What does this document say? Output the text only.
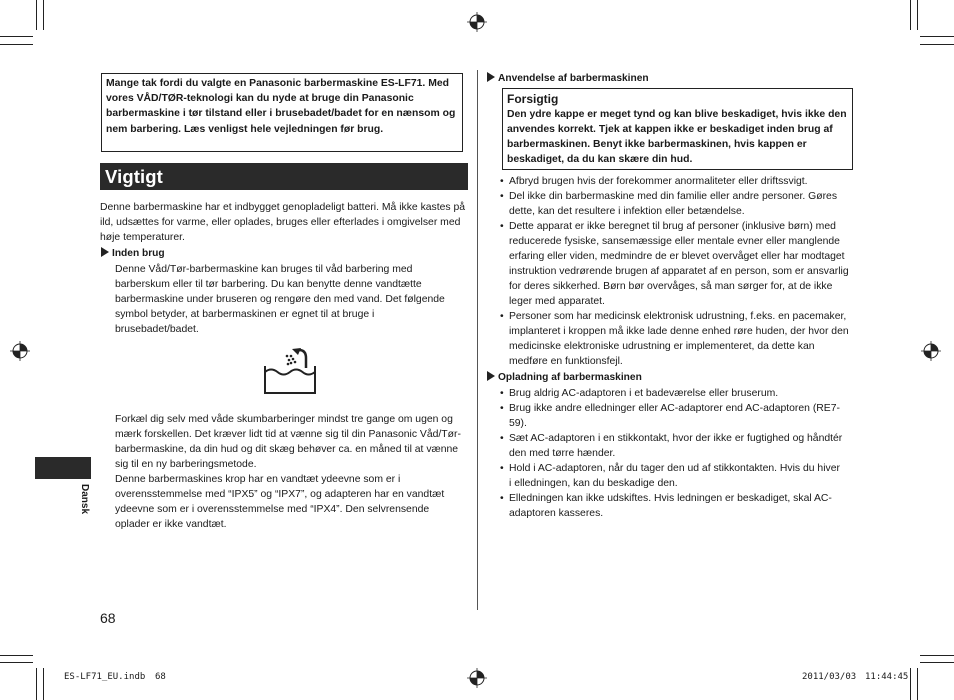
Mange tak fordi du valgte en Panasonic barbermaskine ES-LF71. Med vores VÅD/TØR-teknologi kan du nyde at bruge din Panasonic barbermaskine i tør tilstand eller i brusebadet/badet for en nænsom og nem barbering. Læs venligst hele vejledningen før brug.
Vigtigt
Denne barbermaskine har et indbygget genopladeligt batteri. Må ikke kastes på ild, udsættes for varme, eller oplades, bruges eller efterlades i omgivelser med høje temperaturer.
Inden brug
Denne Våd/Tør-barbermaskine kan bruges til våd barbering med barberskum eller til tør barbering. Du kan benytte denne vandtætte barbermaskine under bruseren og rengøre den med vand. Det følgende symbol betyder, at barbermaskinen er egnet til at bruge i brusebadet/badet.
Forkæl dig selv med våde skumbarberinger mindst tre gange om ugen og mærk forskellen. Det kræver lidt tid at vænne sig til din Panasonic Våd/Tør-barbermaskine, da din hud og dit skæg behøver ca. en måned til at vænne sig til en ny barberingsmetode.
Denne barbermaskines krop har en vandtæt ydeevne som er i overensstemmelse med “IPX5” og “IPX7”, og adapteren har en vandtæt ydeevne som er i overensstemmelse med “IPX4”. Den selvrensende oplader er ikke vandtæt.
Dansk
68
Anvendelse af barbermaskinen
Forsigtig
Den ydre kappe er meget tynd og kan blive beskadiget, hvis ikke den anvendes korrekt. Tjek at kappen ikke er beskadiget inden brug af barbermaskinen. Benyt ikke barbermaskinen, hvis kappen er beskadiget, da du kan skære din hud.
• Afbryd brugen hvis der forekommer anormaliteter eller driftssvigt.
• Del ikke din barbermaskine med din familie eller andre personer. Gøres dette, kan det resultere i infektion eller betændelse.
• Dette apparat er ikke beregnet til brug af personer (inklusive børn) med reducerede fysiske, sansemæssige eller mentale evner eller manglende erfaring eller viden, medmindre de er blevet overvåget eller har modtaget instruktion vedrørende brugen af apparatet af en person, som er ansvarlig for deres sikkerhed. Børn bør overvåges, så man sørger for, at de ikke leger med apparatet.
• Personer som har medicinsk elektronisk udrustning, f.eks. en pacemaker, implanteret i kroppen må ikke lade denne enhed røre huden, der hvor den medicinske elektroniske udrustning er implementeret, da dette kan medføre en funktionsfejl.
Opladning af barbermaskinen
• Brug aldrig AC-adaptoren i et badeværelse eller bruserum.
• Brug ikke andre elledninger eller AC-adaptorer end AC-adaptoren (RE7-59).
• Sæt AC-adaptoren i en stikkontakt, hvor der ikke er fugtighed og håndtér den med tørre hænder.
• Hold i AC-adaptoren, når du tager den ud af stikkontakten. Hvis du hiver i elledningen, kan du beskadige den.
• Elledningen kan ikke udskiftes. Hvis ledningen er beskadiget, skal AC-adaptoren kasseres.
ES-LF71_EU.indb 68	2011/03/03 11:44:45
